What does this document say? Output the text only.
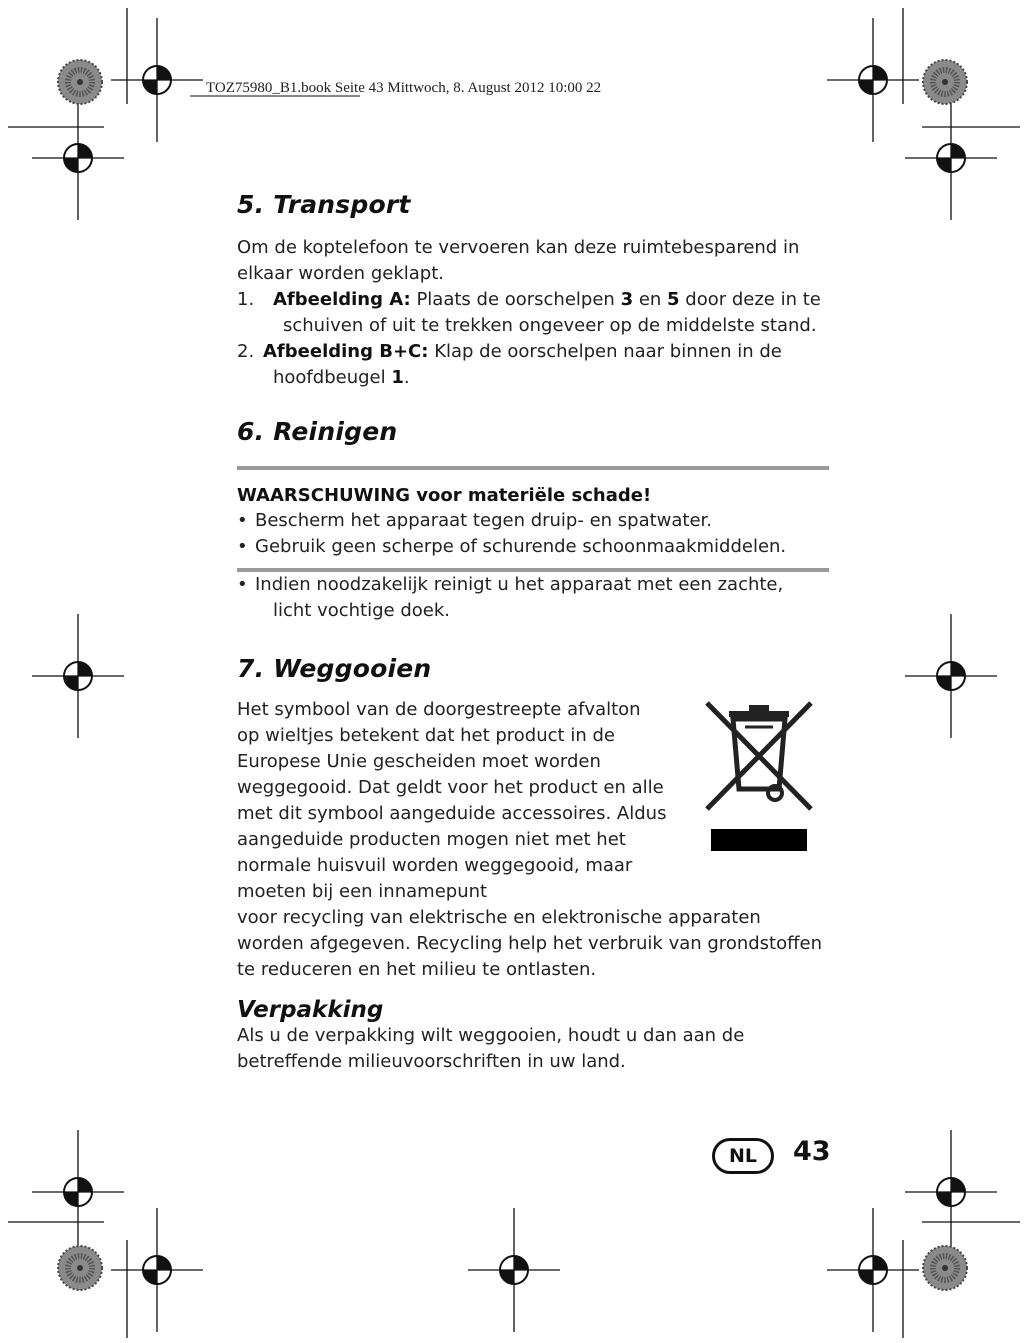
TOZ75980_B1.book Seite 43 Mittwoch, 8. August 2012 10:00 22
5. Transport

Om de koptelefoon te vervoeren kan deze ruimtebesparend in elkaar worden geklapt.

1.	Afbeelding A: Plaats de oorschelpen 3 en 5 door deze in te
schuiven of uit te trekken ongeveer op de middelste stand.
2. Afbeelding B+C: Klap de oorschelpen naar binnen in de
hoofdbeugel 1.
6. Reinigen
WAARSCHUWING voor materiële schade!
• Bescherm het apparaat tegen druip- en spatwater.
• Gebruik geen scherpe of schurende schoonmaakmiddelen.
• Indien noodzakelijk reinigt u het apparaat met een zachte,
licht vochtige doek.
7. Weggooien

Het symbool van de doorgestreepte afvalton op wieltjes betekent dat het product in de Europese Unie gescheiden moet worden weggegooid. Dat geldt voor het product en alle met dit symbool aangeduide accessoires. Aldus aangeduide producten mogen niet met het normale huisvuil worden weggegooid, maar moeten bij een innamepunt

voor recycling van elektrische en elektronische apparaten worden afgegeven. Recycling help het verbruik van grondstoffen te reduceren en het milieu te ontlasten.

Verpakking

Als u de verpakking wilt weggooien, houdt u dan aan de betreffende milieuvoorschriften in uw land.

NL	43
